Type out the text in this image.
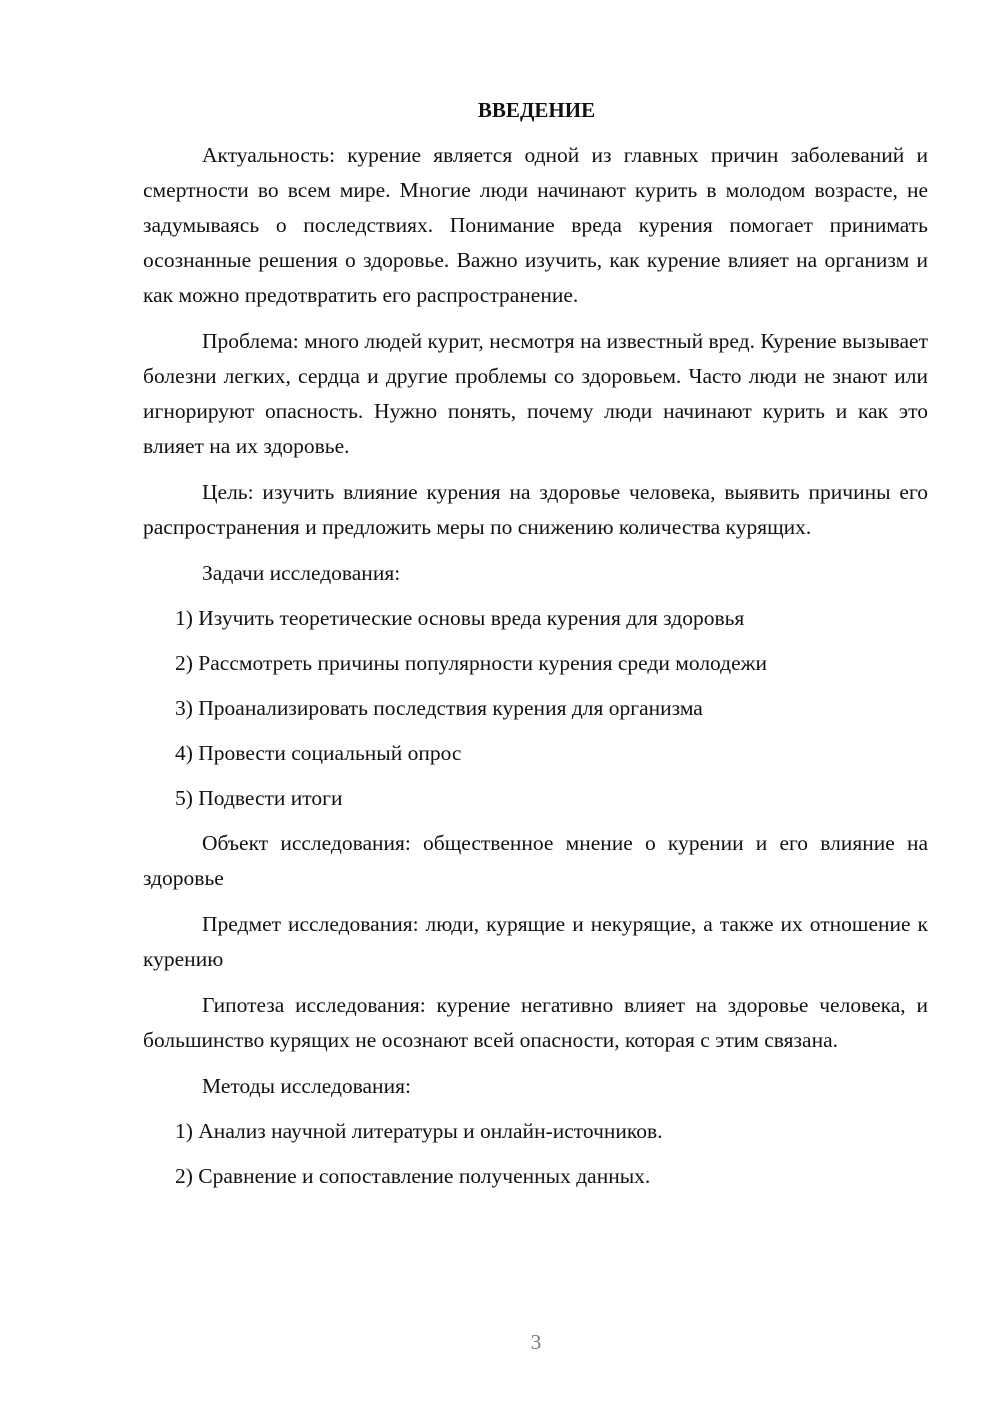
ВВЕДЕНИЕ

Актуальность: курение является одной из главных причин заболеваний и смертности во всем мире. Многие люди начинают курить в молодом возрасте, не задумываясь о последствиях. Понимание вреда курения помогает принимать осознанные решения о здоровье. Важно изучить, как курение влияет на организм и как можно предотвратить его распространение.

Проблема: много людей курит, несмотря на известный вред. Курение вызывает болезни легких, сердца и другие проблемы со здоровьем. Часто люди не знают или игнорируют опасность. Нужно понять, почему люди начинают курить и как это влияет на их здоровье.

Цель: изучить влияние курения на здоровье человека, выявить причины его распространения и предложить меры по снижению количества курящих.

Задачи исследования:

1) Изучить теоретические основы вреда курения для здоровья
2) Рассмотреть причины популярности курения среди молодежи
3) Проанализировать последствия курения для организма
4) Провести социальный опрос
5) Подвести итоги

Объект исследования: общественное мнение о курении и его влияние на здоровье

Предмет исследования: люди, курящие и некурящие, а также их отношение к курению

Гипотеза исследования: курение негативно влияет на здоровье человека, и большинство курящих не осознают всей опасности, которая с этим связана.

Методы исследования:

1) Анализ научной литературы и онлайн-источников.
2) Сравнение и сопоставление полученных данных.
3
